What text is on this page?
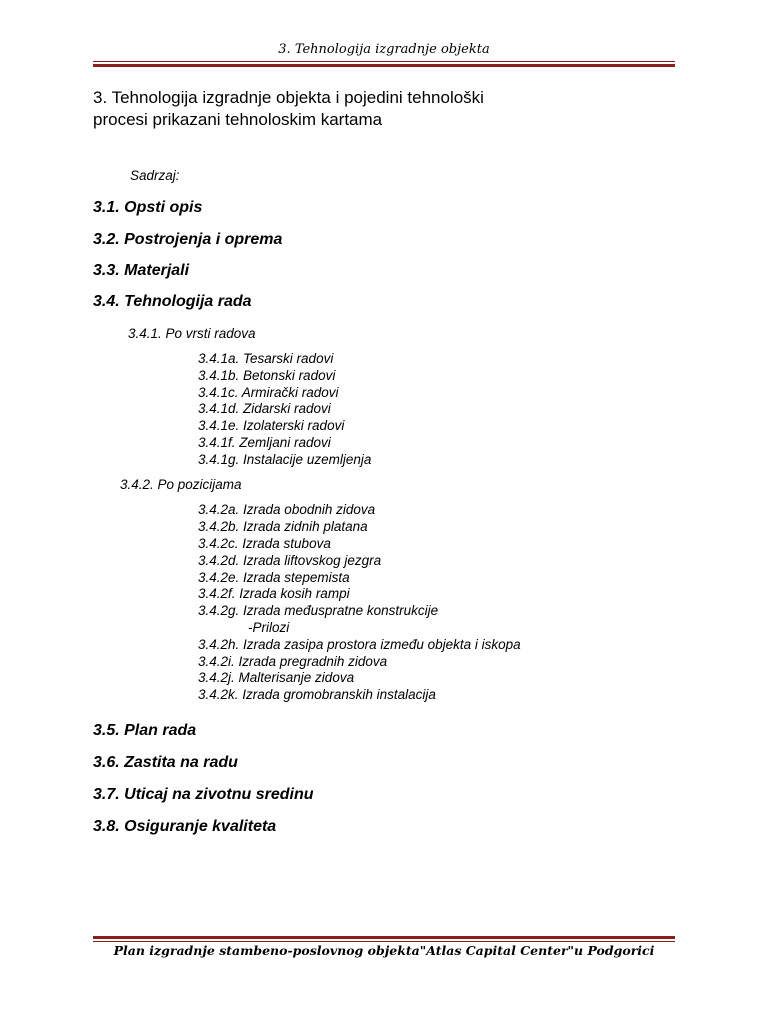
3. Tehnologija izgradnje objekta
3. Tehnologija izgradnje objekta i pojedini tehnološki
procesi prikazani tehnoloskim kartama
Sadrzaj:
3.1. Opsti opis
3.2. Postrojenja i oprema
3.3. Materjali
3.4. Tehnologija rada
3.4.1. Po vrsti radova
3.4.1a. Tesarski radovi
3.4.1b. Betonski radovi
3.4.1c. Armirački radovi
3.4.1d. Zidarski radovi
3.4.1e. Izolaterski radovi
3.4.1f. Zemljani radovi
3.4.1g. Instalacije uzemljenja
3.4.2. Po pozicijama
3.4.2a. Izrada obodnih zidova
3.4.2b. Izrada zidnih platana
3.4.2c. Izrada stubova
3.4.2d. Izrada liftovskog jezgra
3.4.2e. Izrada stepemista
3.4.2f. Izrada kosih rampi
3.4.2g. Izrada međuspratne konstrukcije
-Prilozi
3.4.2h. Izrada zasipa prostora između objekta i iskopa
3.4.2i. Izrada pregradnih zidova
3.4.2j. Malterisanje zidova
3.4.2k. Izrada gromobranskih instalacija
3.5. Plan rada
3.6. Zastita na radu
3.7. Uticaj na zivotnu sredinu
3.8. Osiguranje kvaliteta
Plan izgradnje stambeno-poslovnog objekta"Atlas Capital Center"u Podgorici
